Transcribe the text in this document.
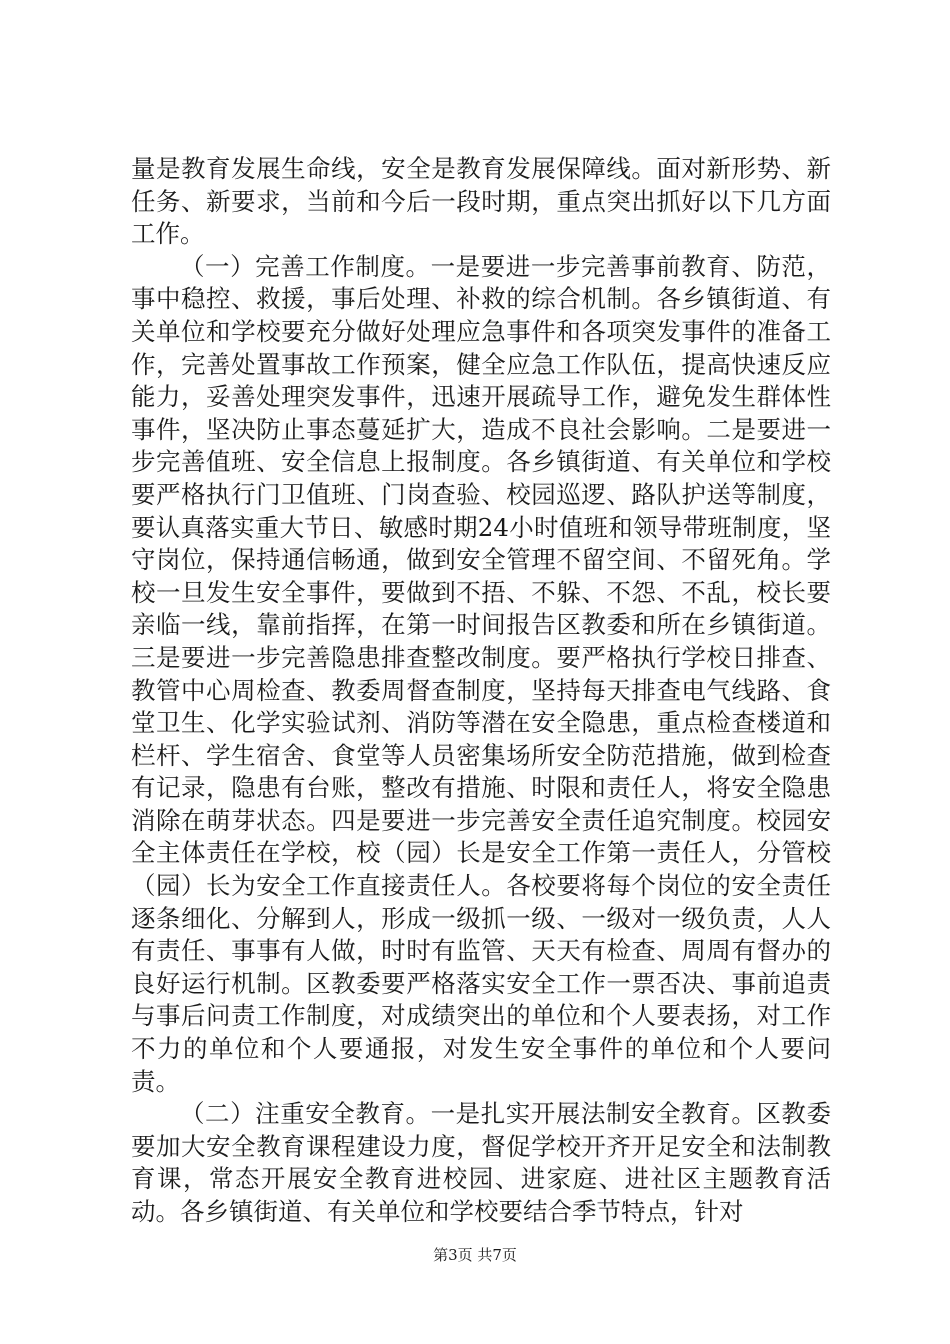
量是教育发展生命线，安全是教育发展保障线。面对新形势、新任务、新要求，当前和今后一段时期，重点突出抓好以下几方面工作。

（一）完善工作制度。一是要进一步完善事前教育、防范，事中稳控、救援，事后处理、补救的综合机制。各乡镇街道、有关单位和学校要充分做好处理应急事件和各项突发事件的准备工作，完善处置事故工作预案，健全应急工作队伍，提高快速反应能力，妥善处理突发事件，迅速开展疏导工作，避免发生群体性事件，坚决防止事态蔓延扩大，造成不良社会影响。二是要进一步完善值班、安全信息上报制度。各乡镇街道、有关单位和学校要严格执行门卫值班、门岗查验、校园巡逻、路队护送等制度，要认真落实重大节日、敏感时期24小时值班和领导带班制度，坚守岗位，保持通信畅通，做到安全管理不留空间、不留死角。学校一旦发生安全事件，要做到不捂、不躲、不怨、不乱，校长要亲临一线，靠前指挥，在第一时间报告区教委和所在乡镇街道。三是要进一步完善隐患排查整改制度。要严格执行学校日排查、教管中心周检查、教委周督查制度，坚持每天排查电气线路、食堂卫生、化学实验试剂、消防等潜在安全隐患，重点检查楼道和栏杆、学生宿舍、食堂等人员密集场所安全防范措施，做到检查有记录，隐患有台账，整改有措施、时限和责任人，将安全隐患消除在萌芽状态。四是要进一步完善安全责任追究制度。校园安全主体责任在学校，校（园）长是安全工作第一责任人，分管校（园）长为安全工作直接责任人。各校要将每个岗位的安全责任逐条细化、分解到人，形成一级抓一级、一级对一级负责，人人有责任、事事有人做，时时有监管、天天有检查、周周有督办的良好运行机制。区教委要严格落实安全工作一票否决、事前追责与事后问责工作制度，对成绩突出的单位和个人要表扬，对工作不力的单位和个人要通报，对发生安全事件的单位和个人要问责。

（二）注重安全教育。一是扎实开展法制安全教育。区教委要加大安全教育课程建设力度，督促学校开齐开足安全和法制教育课，常态开展安全教育进校园、进家庭、进社区主题教育活动。各乡镇街道、有关单位和学校要结合季节特点，针对

第3页 共7页
